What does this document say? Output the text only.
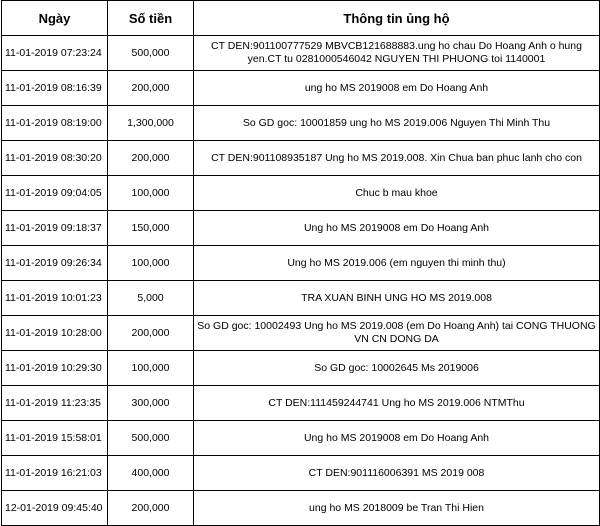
Ngày	Số tiền	Thông tin ủng hộ
11-01-2019 07:23:24	500,000	CT DEN:901100777529 MBVCB121688883.ung ho chau Do Hoang Anh o hung yen.CT tu 0281000546042 NGUYEN THI PHUONG toi 1140001
11-01-2019 08:16:39	200,000	ung ho MS 2019008 em Do Hoang Anh
11-01-2019 08:19:00	1,300,000	So GD goc: 10001859 ung ho MS 2019.006 Nguyen Thi Minh Thu
11-01-2019 08:30:20	200,000	CT DEN:901108935187 Ung ho MS 2019.008. Xin Chua ban phuc lanh cho con
11-01-2019 09:04:05	100,000	Chuc b mau khoe
11-01-2019 09:18:37	150,000	Ung ho MS 2019008 em Do Hoang Anh
11-01-2019 09:26:34	100,000	Ung ho MS 2019.006 (em nguyen thi minh thu)
11-01-2019 10:01:23	5,000	TRA XUAN BINH UNG HO MS 2019.008
11-01-2019 10:28:00	200,000	So GD goc: 10002493 Ung ho MS 2019.008 (em Do Hoang Anh) tai CONG THUONG VN CN DONG DA
11-01-2019 10:29:30	100,000	So GD goc: 10002645 Ms 2019006
11-01-2019 11:23:35	300,000	CT DEN:111459244741 Ung ho MS 2019.006 NTMThu
11-01-2019 15:58:01	500,000	Ung ho MS 2019008 em Do Hoang Anh
11-01-2019 16:21:03	400,000	CT DEN:901116006391 MS 2019 008
12-01-2019 09:45:40	200,000	ung ho MS 2018009 be Tran Thi Hien
